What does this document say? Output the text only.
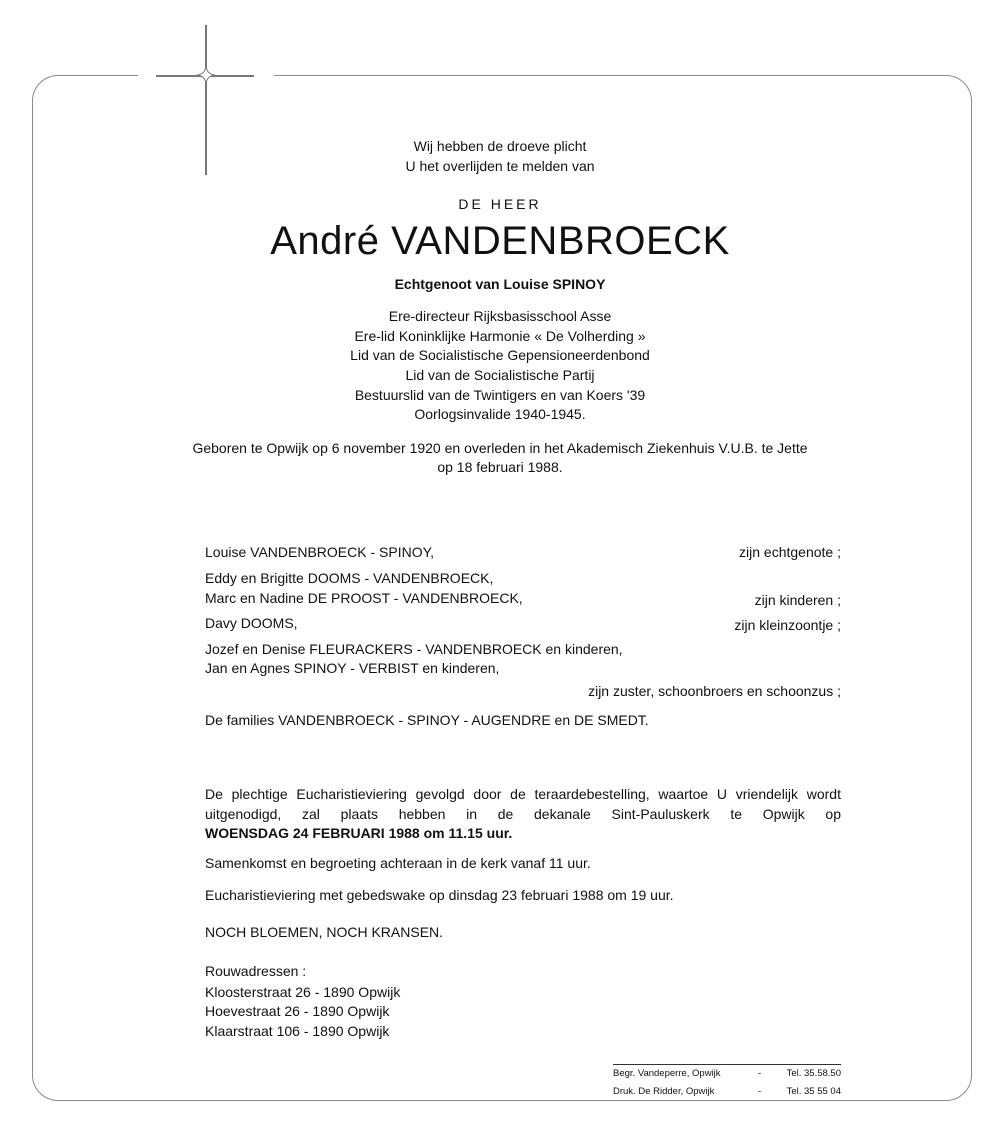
Wij hebben de droeve plicht
U het overlijden te melden van
DE HEER
André VANDENBROECK
Echtgenoot van Louise SPINOY
Ere-directeur Rijksbasisschool Asse
Ere-lid Koninklijke Harmonie « De Volherding »
Lid van de Socialistische Gepensioneerdenbond
Lid van de Socialistische Partij
Bestuurslid van de Twintigers en van Koers '39
Oorlogsinvalide 1940-1945.
Geboren te Opwijk op 6 november 1920 en overleden in het Akademisch Ziekenhuis V.U.B. te Jette
op 18 februari 1988.
Louise VANDENBROECK - SPINOY,	zijn echtgenote ;
Eddy en Brigitte DOOMS - VANDENBROECK,
Marc en Nadine DE PROOST - VANDENBROECK,	zijn kinderen ;
Davy DOOMS,	zijn kleinzoontje ;
Jozef en Denise FLEURACKERS - VANDENBROECK en kinderen,
Jan en Agnes SPINOY - VERBIST en kinderen,
zijn zuster, schoonbroers en schoonzus ;
De families VANDENBROECK - SPINOY - AUGENDRE en DE SMEDT.
De plechtige Eucharistieviering gevolgd door de teraardebestelling, waartoe U vriendelijk wordt
uitgenodigd, zal plaats hebben in de dekanale Sint-Pauluskerk te Opwijk op
WOENSDAG 24 FEBRUARI 1988 om 11.15 uur.
Samenkomst en begroeting achteraan in de kerk vanaf 11 uur.
Eucharistieviering met gebedswake op dinsdag 23 februari 1988 om 19 uur.
NOCH BLOEMEN, NOCH KRANSEN.
Rouwadressen :
Kloosterstraat 26 - 1890 Opwijk
Hoevestraat 26 - 1890 Opwijk
Klaarstraat 106 - 1890 Opwijk
Begr. Vandeperre, Opwijk	-	Tel. 35.58.50
Druk. De Ridder, Opwijk	-	Tel. 35 55 04
